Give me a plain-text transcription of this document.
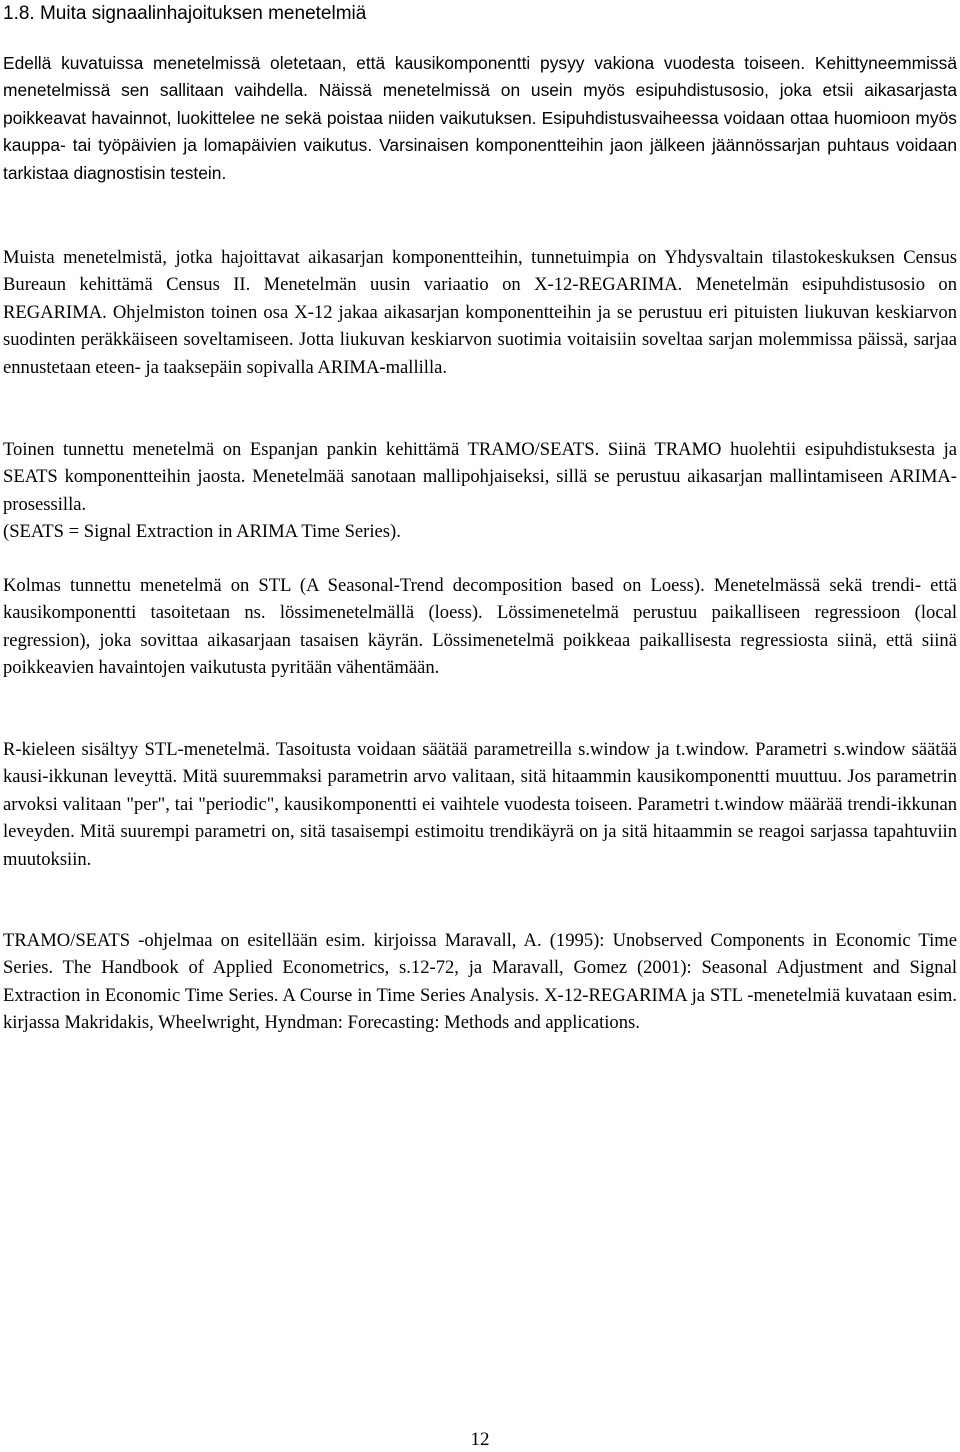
1.8. Muita signaalinhajoituksen menetelmiä

Edellä kuvatuissa menetelmissä oletetaan, että kausikomponentti pysyy vakiona vuodesta toiseen. Kehittyneemmissä menetelmissä sen sallitaan vaihdella. Näissä menetelmissä on usein myös esipuhdistusosio, joka etsii aikasarjasta poikkeavat havainnot, luokittelee ne sekä poistaa niiden vaikutuksen. Esipuhdistusvaiheessa voidaan ottaa huomioon myös kauppa- tai työpäivien ja lomapäivien vaikutus. Varsinaisen komponentteihin jaon jälkeen jäännössarjan puhtaus voidaan tarkistaa diagnostisin testein.

Muista menetelmistä, jotka hajoittavat aikasarjan komponentteihin, tunnetuimpia on Yhdysvaltain tilastokeskuksen Census Bureaun kehittämä Census II. Menetelmän uusin variaatio on X-12-REGARIMA. Menetelmän esipuhdistusosio on REGARIMA. Ohjelmiston toinen osa X-12 jakaa aikasarjan komponentteihin ja se perustuu eri pituisten liukuvan keskiarvon suodinten peräkkäiseen soveltamiseen. Jotta liukuvan keskiarvon suotimia voitaisiin soveltaa sarjan molemmissa päissä, sarjaa ennustetaan eteen- ja taaksepäin sopivalla ARIMA-mallilla.

Toinen tunnettu menetelmä on Espanjan pankin kehittämä TRAMO/SEATS. Siinä TRAMO huolehtii esipuhdistuksesta ja SEATS komponentteihin jaosta. Menetelmää sanotaan mallipohjaiseksi, sillä se perustuu aikasarjan mallintamiseen ARIMA-prosessilla.
(SEATS = Signal Extraction in ARIMA Time Series).

Kolmas tunnettu menetelmä on STL (A Seasonal-Trend decomposition based on Loess). Menetelmässä sekä trendi- että kausikomponentti tasoitetaan ns. lössimenetelmällä (loess). Lössimenetelmä perustuu paikalliseen regressioon (local regression), joka sovittaa aikasarjaan tasaisen käyrän. Lössimenetelmä poikkeaa paikallisesta regressiosta siinä, että siinä poikkeavien havaintojen vaikutusta pyritään vähentämään.

R-kieleen sisältyy STL-menetelmä. Tasoitusta voidaan säätää parametreilla s.window ja t.window. Parametri s.window säätää kausi-ikkunan leveyttä. Mitä suuremmaksi parametrin arvo valitaan, sitä hitaammin kausikomponentti muuttuu. Jos parametrin arvoksi valitaan "per", tai "periodic", kausikomponentti ei vaihtele vuodesta toiseen. Parametri t.window määrää trendi-ikkunan leveyden. Mitä suurempi parametri on, sitä tasaisempi estimoitu trendikäyrä on ja sitä hitaammin se reagoi sarjassa tapahtuviin muutoksiin.

TRAMO/SEATS -ohjelmaa on esitellään esim. kirjoissa Maravall, A. (1995): Unobserved Components in Economic Time Series. The Handbook of Applied Econometrics, s.12-72, ja Maravall, Gomez (2001): Seasonal Adjustment and Signal Extraction in Economic Time Series. A Course in Time Series Analysis. X-12-REGARIMA ja STL -menetelmiä kuvataan esim. kirjassa Makridakis, Wheelwright, Hyndman: Forecasting: Methods and applications.

12
